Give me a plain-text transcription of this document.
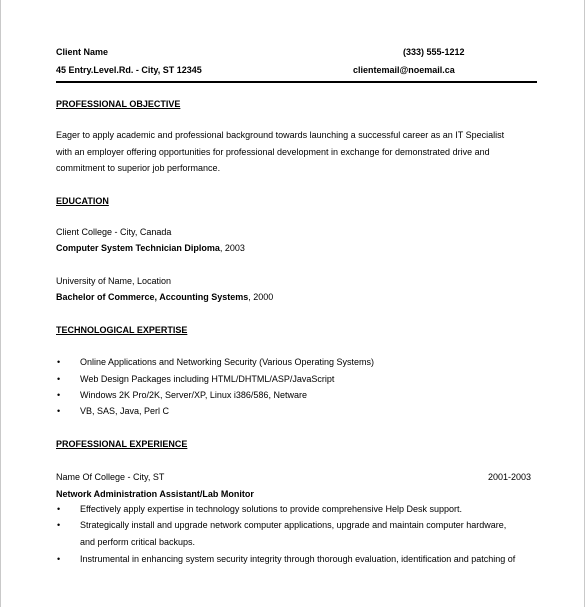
Client Name	(333) 555-1212
45 Entry.Level.Rd. - City, ST 12345	clientemail@noemail.ca
PROFESSIONAL OBJECTIVE
Eager to apply academic and professional background towards launching a successful career as an IT Specialist
with an employer offering opportunities for professional development in exchange for demonstrated drive and
commitment to superior job performance.
EDUCATION
Client College - City, Canada
Computer System Technician Diploma, 2003
University of Name, Location
Bachelor of Commerce, Accounting Systems, 2000
TECHNOLOGICAL EXPERTISE
• Online Applications and Networking Security (Various Operating Systems)
• Web Design Packages including HTML/DHTML/ASP/JavaScript
• Windows 2K Pro/2K, Server/XP, Linux i386/586, Netware
• VB, SAS, Java, Perl C
PROFESSIONAL EXPERIENCE
Name Of College - City, ST	2001-2003
Network Administration Assistant/Lab Monitor
• Effectively apply expertise in technology solutions to provide comprehensive Help Desk support.
• Strategically install and upgrade network computer applications, upgrade and maintain computer hardware,
and perform critical backups.
• Instrumental in enhancing system security integrity through thorough evaluation, identification and patching of
